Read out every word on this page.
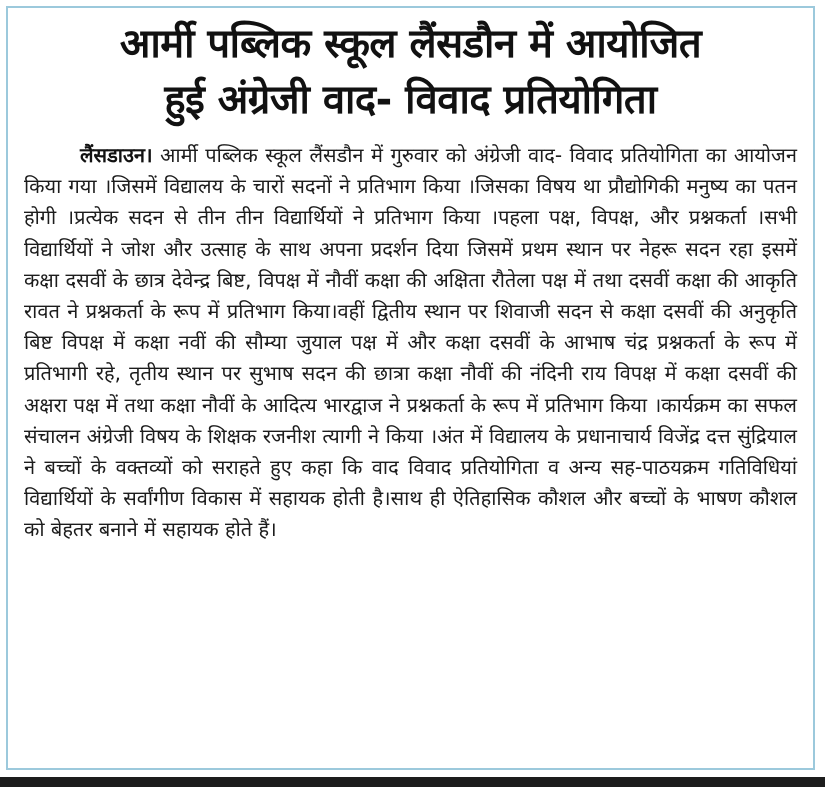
आर्मी पब्लिक स्कूल लैंसडौन में आयोजित
हुई अंग्रेजी वाद- विवाद प्रतियोगिता

लैंसडाउन। आर्मी पब्लिक स्कूल लैंसडौन में गुरुवार को अंग्रेजी वाद- विवाद प्रतियोगिता का आयोजन किया गया ।जिसमें विद्यालय के चारों सदनों ने प्रतिभाग किया ।जिसका विषय था प्रौद्योगिकी मनुष्य का पतन होगी ।प्रत्येक सदन से तीन तीन विद्यार्थियों ने प्रतिभाग किया ।पहला पक्ष, विपक्ष, और प्रश्नकर्ता ।सभी विद्यार्थियों ने जोश और उत्साह के साथ अपना प्रदर्शन दिया जिसमें प्रथम स्थान पर नेहरू सदन रहा इसमें कक्षा दसवीं के छात्र देवेन्द्र बिष्ट, विपक्ष में नौवीं कक्षा की अक्षिता रौतेला पक्ष में तथा दसवीं कक्षा की आकृति रावत ने प्रश्नकर्ता के रूप में प्रतिभाग किया।वहीं द्वितीय स्थान पर शिवाजी सदन से कक्षा दसवीं की अनुकृति बिष्ट विपक्ष में कक्षा नवीं की सौम्या जुयाल पक्ष में और कक्षा दसवीं के आभाष चंद्र प्रश्नकर्ता के रूप में प्रतिभागी रहे, तृतीय स्थान पर सुभाष सदन की छात्रा कक्षा नौवीं की नंदिनी राय विपक्ष में कक्षा दसवीं की अक्षरा पक्ष में तथा कक्षा नौवीं के आदित्य भारद्वाज ने प्रश्नकर्ता के रूप में प्रतिभाग किया ।कार्यक्रम का सफल संचालन अंग्रेजी विषय के शिक्षक रजनीश त्यागी ने किया ।अंत में विद्यालय के प्रधानाचार्य विजेंद्र दत्त सुंद्रियाल ने बच्चों के वक्तव्यों को सराहते हुए कहा कि वाद विवाद प्रतियोगिता व अन्य सह-पाठयक्रम गतिविधियां विद्यार्थियों के सर्वांगीण विकास में सहायक होती है।साथ ही ऐतिहासिक कौशल और बच्चों के भाषण कौशल को बेहतर बनाने में सहायक होते हैं।
